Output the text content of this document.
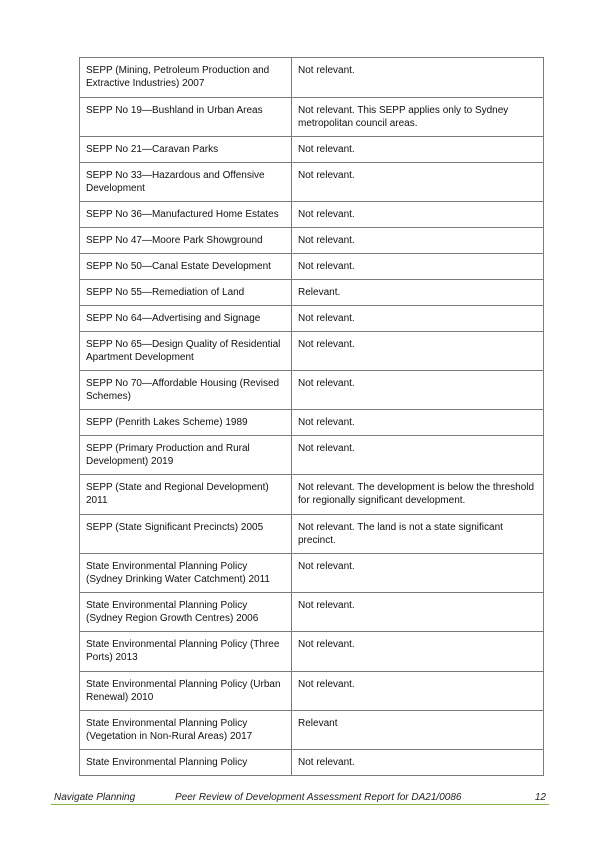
SEPP (Mining, Petroleum Production and Extractive Industries) 2007	Not relevant.
SEPP No 19—Bushland in Urban Areas	Not relevant. This SEPP applies only to Sydney metropolitan council areas.
SEPP No 21—Caravan Parks	Not relevant.
SEPP No 33—Hazardous and Offensive Development	Not relevant.
SEPP No 36—Manufactured Home Estates	Not relevant.
SEPP No 47—Moore Park Showground	Not relevant.
SEPP No 50—Canal Estate Development	Not relevant.
SEPP No 55—Remediation of Land	Relevant.
SEPP No 64—Advertising and Signage	Not relevant.
SEPP No 65—Design Quality of Residential Apartment Development	Not relevant.
SEPP No 70—Affordable Housing (Revised Schemes)	Not relevant.
SEPP (Penrith Lakes Scheme) 1989	Not relevant.
SEPP (Primary Production and Rural Development) 2019	Not relevant.
SEPP (State and Regional Development) 2011	Not relevant. The development is below the threshold for regionally significant development.
SEPP (State Significant Precincts) 2005	Not relevant. The land is not a state significant precinct.
State Environmental Planning Policy (Sydney Drinking Water Catchment) 2011	Not relevant.
State Environmental Planning Policy (Sydney Region Growth Centres) 2006	Not relevant.
State Environmental Planning Policy (Three Ports) 2013	Not relevant.
State Environmental Planning Policy (Urban Renewal) 2010	Not relevant.
State Environmental Planning Policy (Vegetation in Non-Rural Areas) 2017	Relevant
State Environmental Planning Policy	Not relevant.
Navigate Planning	Peer Review of Development Assessment Report for DA21/0086	12
